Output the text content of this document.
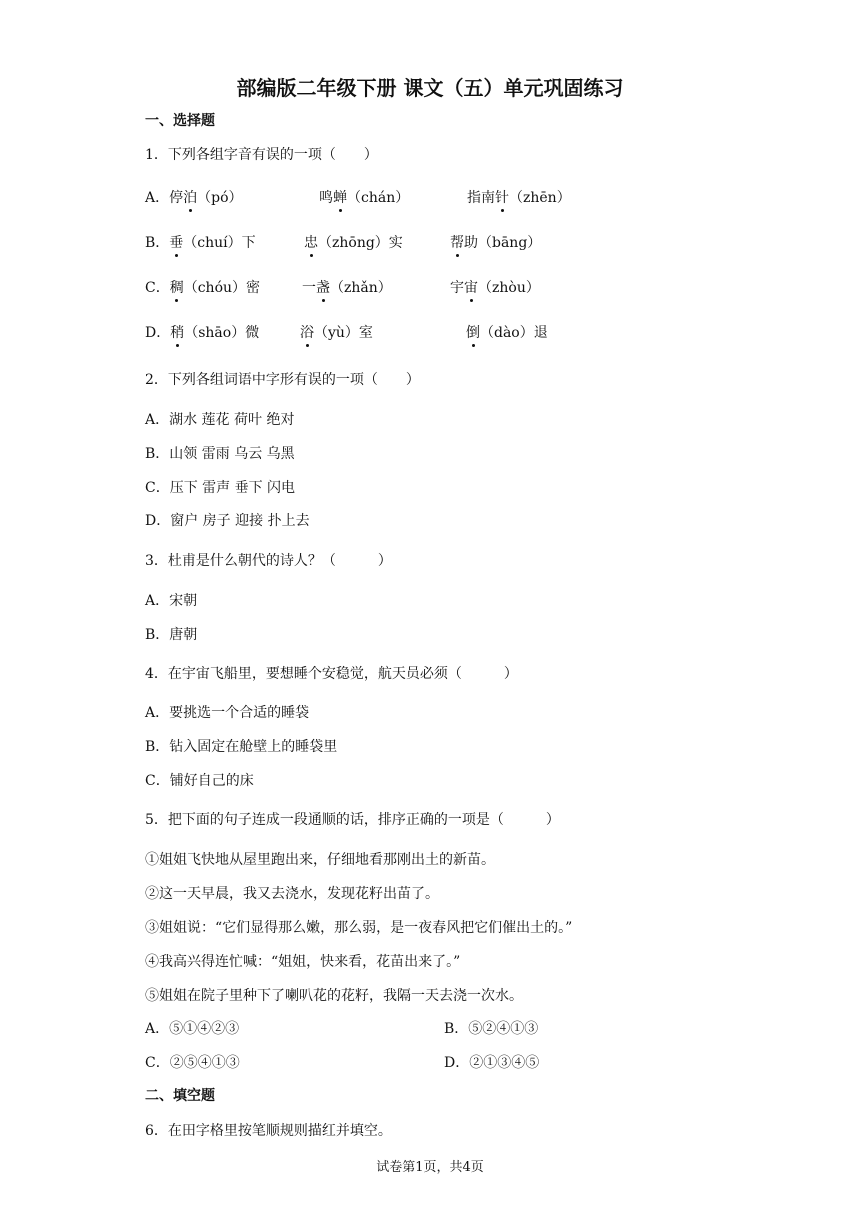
部编版二年级下册 课文（五）单元巩固练习
一、选择题
1．下列各组字音有误的一项（　　）
A．停泊（pó）	鸣蝉（chán）	指南针（zhēn）
B．垂（chuí）下	忠（zhōng）实	帮助（bāng）
C．稠（chóu）密	一盏（zhǎn）	宇宙（zhòu）
D．稍（shāo）微	浴（yù）室	倒（dào）退
2．下列各组词语中字形有误的一项（　　）
A．湖水 莲花 荷叶 绝对
B．山领 雷雨 乌云 乌黑
C．压下 雷声 垂下 闪电
D．窗户 房子 迎接 扑上去
3．杜甫是什么朝代的诗人？（　　　）
A．宋朝
B．唐朝
4．在宇宙飞船里，要想睡个安稳觉，航天员必须（　　　）
A．要挑选一个合适的睡袋
B．钻入固定在舱壁上的睡袋里
C．铺好自己的床
5．把下面的句子连成一段通顺的话，排序正确的一项是（　　　）
①姐姐飞快地从屋里跑出来，仔细地看那刚出土的新苗。
②这一天早晨，我又去浇水，发现花籽出苗了。
③姐姐说：“它们显得那么嫩，那么弱，是一夜春风把它们催出土的。”
④我高兴得连忙喊：“姐姐，快来看，花苗出来了。”
⑤姐姐在院子里种下了喇叭花的花籽，我隔一天去浇一次水。
A．⑤①④②③	B．⑤②④①③
C．②⑤④①③	D．②①③④⑤
二、填空题
6．在田字格里按笔顺规则描红并填空。
试卷第1页，共4页
